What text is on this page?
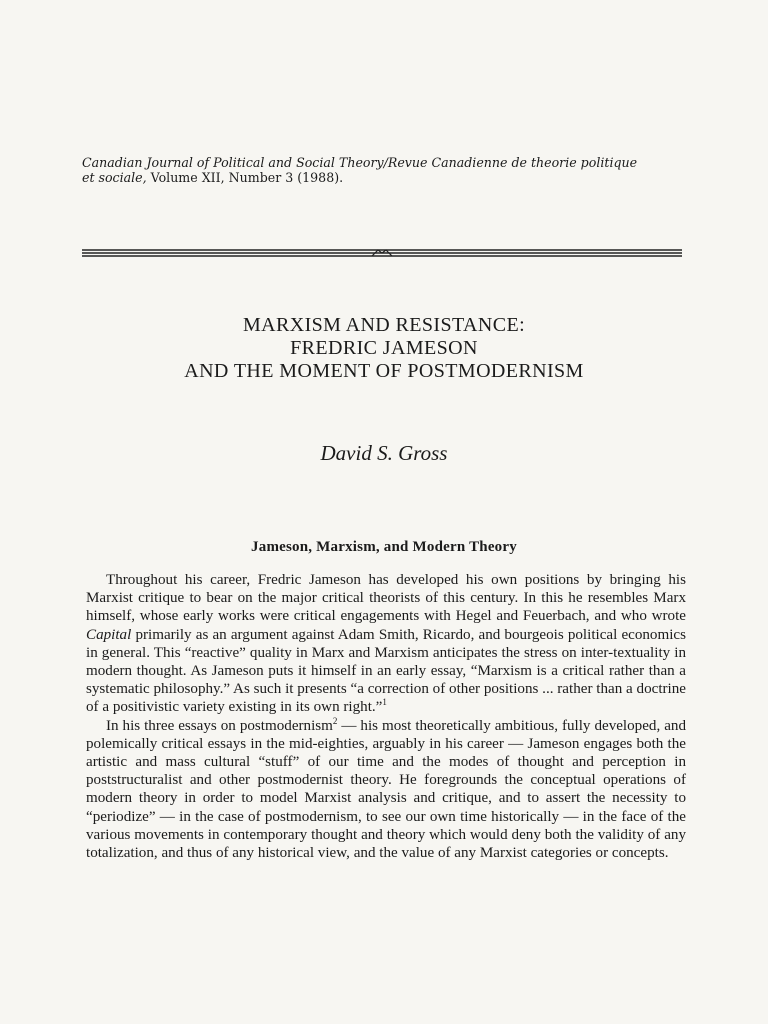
Canadian Journal of Political and Social Theory/Revue Canadienne de theorie politique
et sociale, Volume XII, Number 3 (1988).
MARXISM AND RESISTANCE:
FREDRIC JAMESON
AND THE MOMENT OF POSTMODERNISM
David S. Gross
Jameson, Marxism, and Modern Theory

Throughout his career, Fredric Jameson has developed his own positions by bringing his Marxist critique to bear on the major critical theorists of this century. In this he resembles Marx himself, whose early works were critical engagements with Hegel and Feuerbach, and who wrote Capital primarily as an argument against Adam Smith, Ricardo, and bourgeois political economics in general. This “reactive” quality in Marx and Marxism anticipates the stress on inter-textuality in modern thought. As Jameson puts it himself in an early essay, “Marxism is a critical rather than a systematic philosophy.” As such it presents “a correction of other positions ... rather than a doctrine of a positivistic variety existing in its own right.”$^1$

In his three essays on postmodernism$^2$ — his most theoretically ambitious, fully developed, and polemically critical essays in the mid-eighties, arguably in his career — Jameson engages both the artistic and mass cultural “stuff” of our time and the modes of thought and perception in poststructuralist and other postmodernist theory. He foregrounds the conceptual operations of modern theory in order to model Marxist analysis and critique, and to assert the necessity to “periodize” — in the case of postmodernism, to see our own time historically — in the face of the various movements in contemporary thought and theory which would deny both the validity of any totalization, and thus of any historical view, and the value of any Marxist categories or concepts.
